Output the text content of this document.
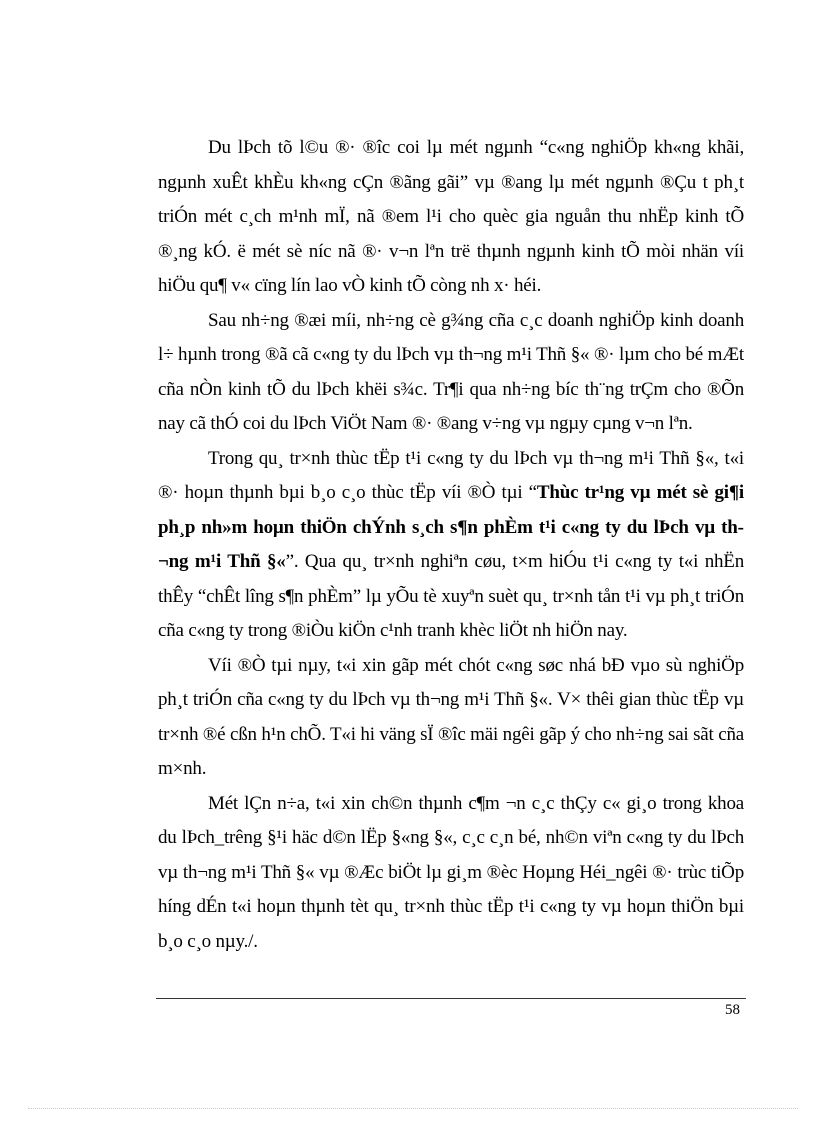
Du lÞch tõ l©u ®· ®îc coi lµ mét ngµnh “c«ng nghiÖp kh«ng khãi, ngµnh xuÊt khÈu kh«ng cÇn ®ãng gãi” vµ ®ang lµ mét ngµnh ®Çu t ph¸t triÓn mét c¸ch m¹nh mÏ, nã ®em l¹i cho quèc gia nguån thu nhËp kinh tÕ ®¸ng kÓ. ë mét sè níc nã ®· v¬n lªn trë thµnh ngµnh kinh tÕ mòi nhän víi hiÖu qu¶ v« cïng lín lao vÒ kinh tÕ còng nh x· héi.

Sau nh÷ng ®æi míi, nh÷ng cè g¾ng cña c¸c doanh nghiÖp kinh doanh l÷ hµnh trong ®ã cã c«ng ty du lÞch vµ th¬ng m¹i Thñ §« ®· lµm cho bé mÆt cña nÒn kinh tÕ du lÞch khëi s¾c. Tr¶i qua nh÷ng bíc th¨ng trÇm cho ®Õn nay cã thÓ coi du lÞch ViÖt Nam ®· ®ang v÷ng vµ ngµy cµng v¬n lªn.

Trong qu¸ tr×nh thùc tËp t¹i c«ng ty du lÞch vµ th¬ng m¹i Thñ §«, t«i ®· hoµn thµnh bµi b¸o c¸o thùc tËp víi ®Ò tµi “Thùc tr¹ng vµ mét sè gi¶i ph¸p nh»m hoµn thiÖn chÝnh s¸ch s¶n phÈm t¹i c«ng ty du lÞch vµ th¬ng m¹i Thñ §«”. Qua qu¸ tr×nh nghiªn cøu, t×m hiÓu t¹i c«ng ty t«i nhËn thÊy “chÊt lîng s¶n phÈm” lµ yÕu tè xuyªn suèt qu¸ tr×nh tån t¹i vµ ph¸t triÓn cña c«ng ty trong ®iÒu kiÖn c¹nh tranh khèc liÖt nh hiÖn nay.

Víi ®Ò tµi nµy, t«i xin gãp mét chót c«ng søc nhá bÐ vµo sù nghiÖp ph¸t triÓn cña c«ng ty du lÞch vµ th¬ng m¹i Thñ §«. V× thêi gian thùc tËp vµ tr×nh ®é cßn h¹n chÕ. T«i hi väng sÏ ®îc mäi ngêi gãp ý cho nh÷ng sai sãt cña m×nh.

Mét lÇn n÷a, t«i xin ch©n thµnh c¶m ¬n c¸c thÇy c« gi¸o trong khoa du lÞch_trêng §¹i häc d©n lËp §«ng §«, c¸c c¸n bé, nh©n viªn c«ng ty du lÞch vµ th¬ng m¹i Thñ §« vµ ®Æc biÖt lµ gi¸m ®èc Hoµng Héi_ngêi ®· trùc tiÕp híng dÉn t«i hoµn thµnh tèt qu¸ tr×nh thùc tËp t¹i c«ng ty vµ hoµn thiÖn bµi b¸o c¸o nµy./.

58
